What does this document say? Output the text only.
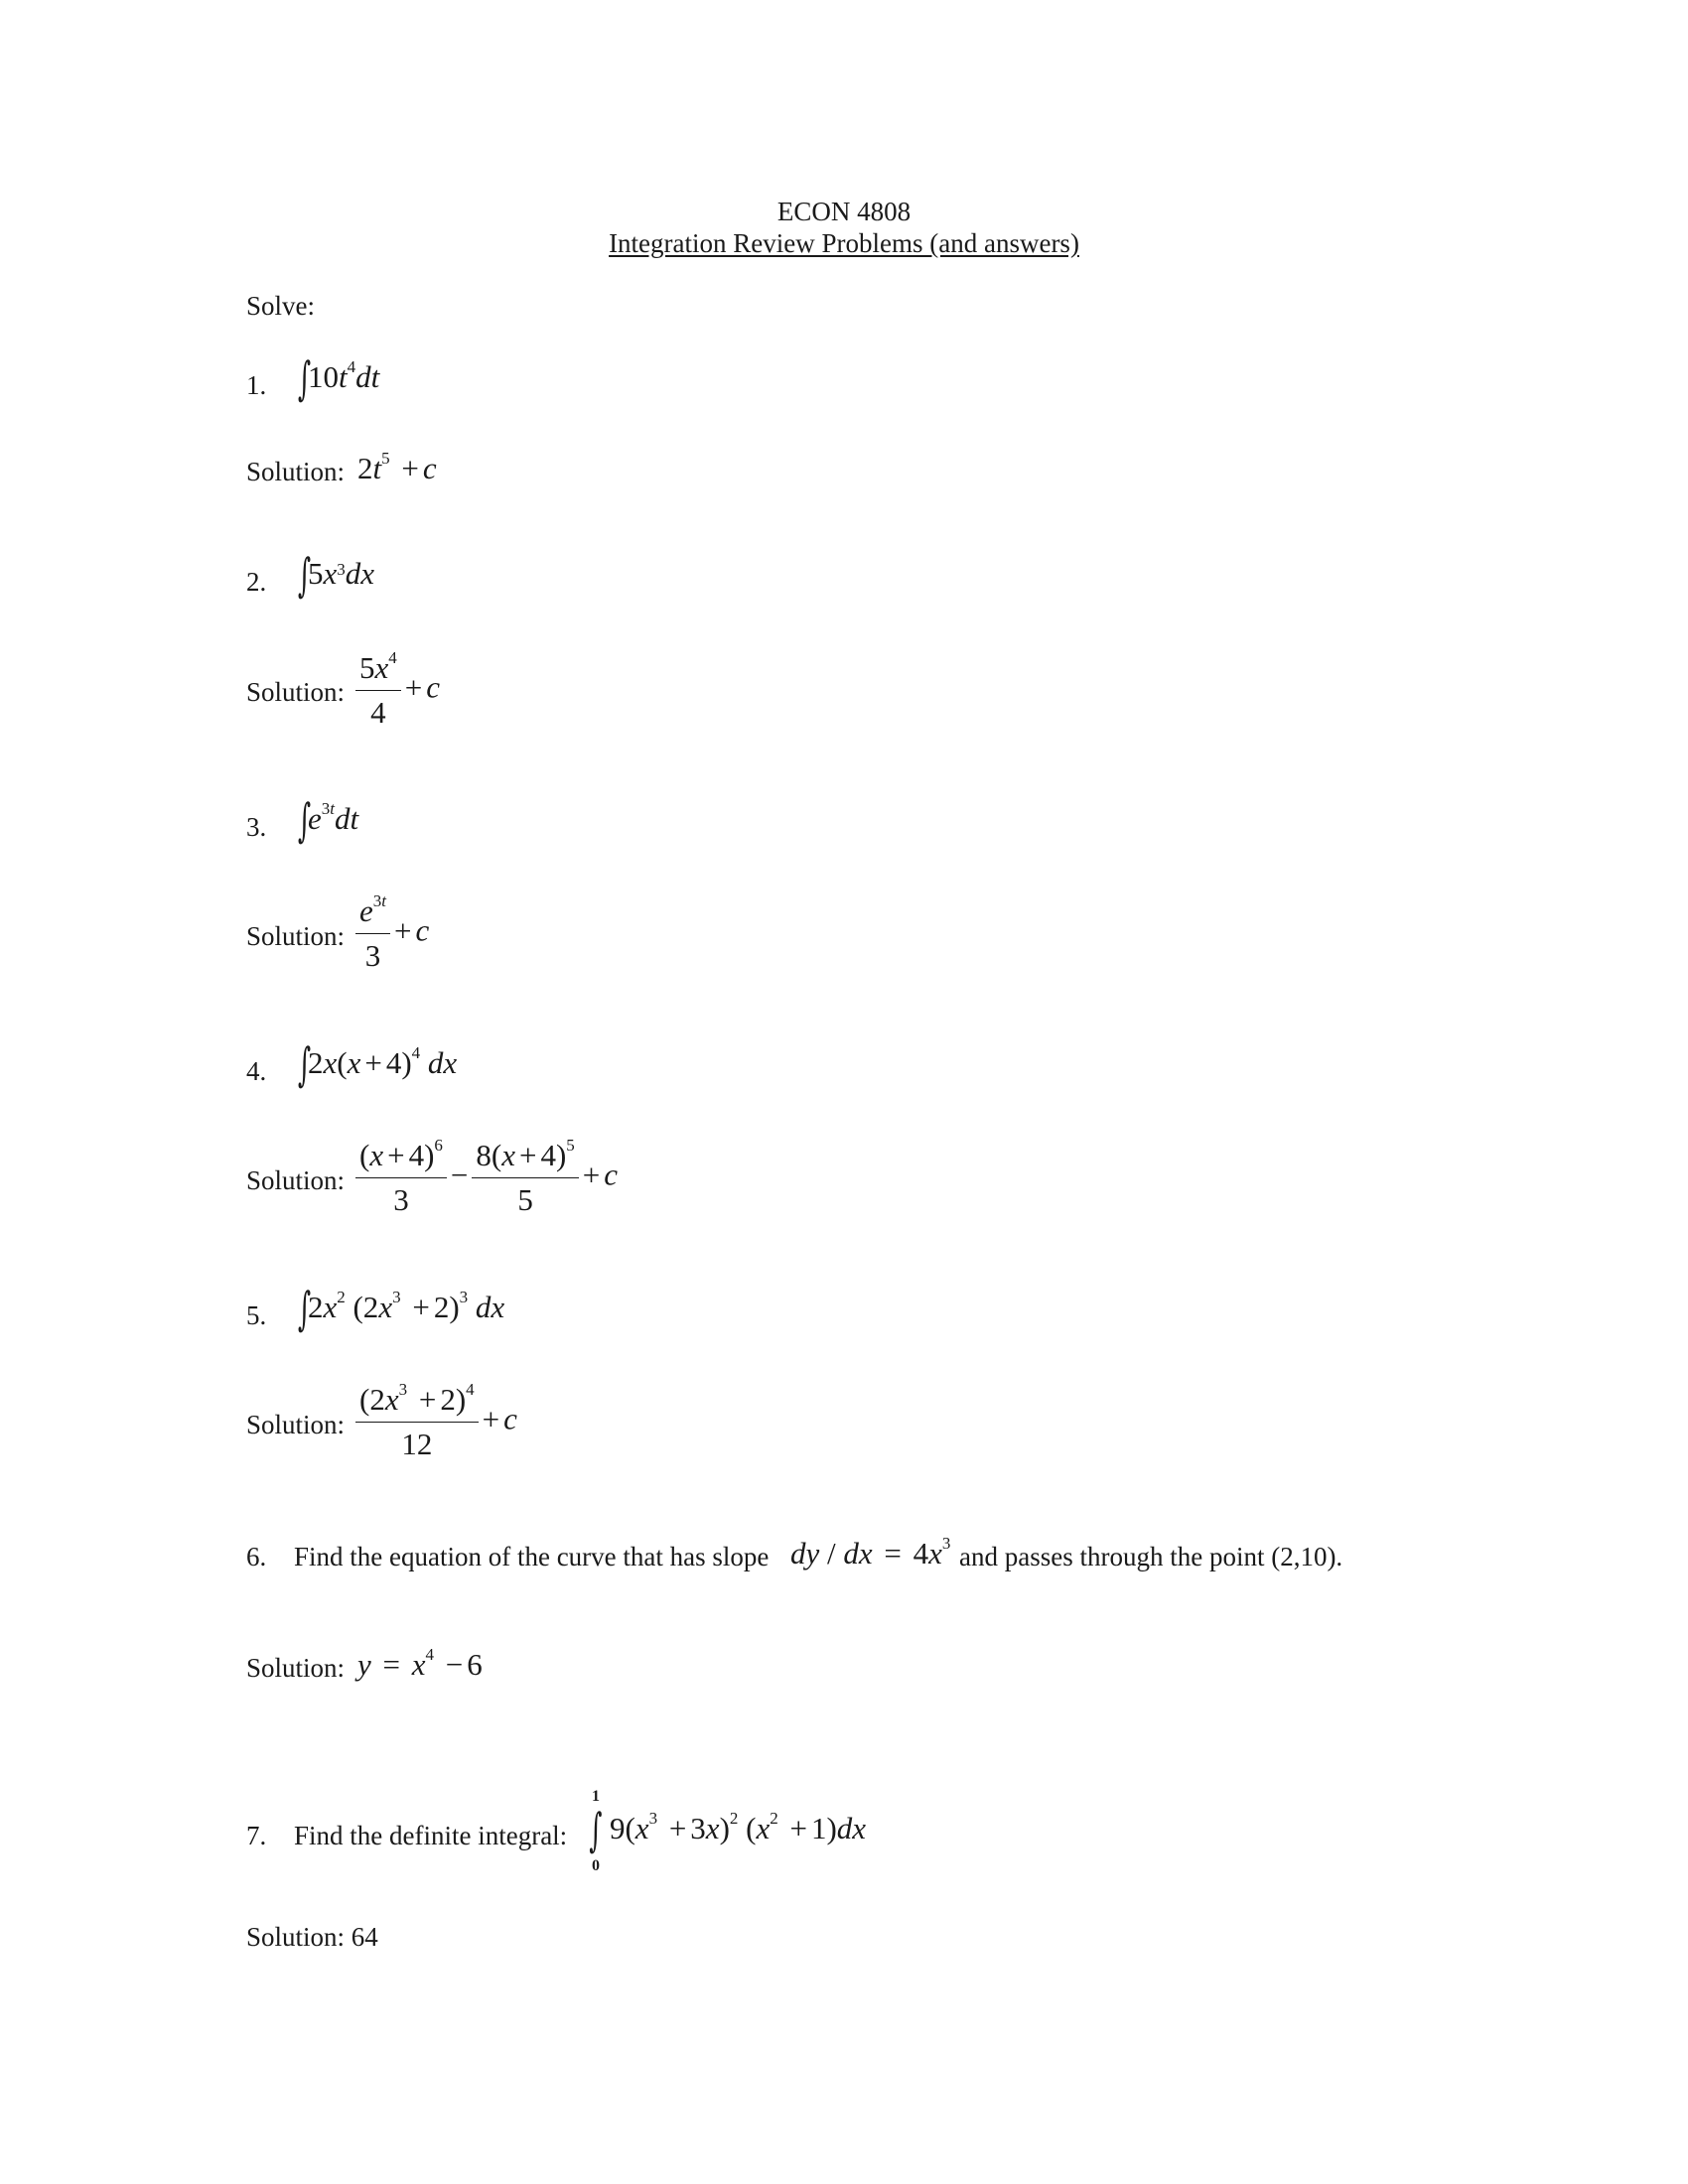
ECON 4808
Integration Review Problems (and answers)
Solve:
1. $\int 10t^4dt$
Solution: $2t^5 + c$
2. $\int 5x^3dx$
Solution: $\frac{5x^4}{4} + c$
3. $\int e^{3t}dt$
Solution: $\frac{e^{3t}}{3} + c$
4. $\int 2x(x + 4)^4$ dx
Solution: $\frac{(x + 4)^6}{3} - \frac{8(x + 4)^5}{5} + c$
5. $\int 2x^2$ $(2x^3 + 2)^3$ dx
Solution: $\frac{(2x^3 + 2)^4}{12} + c$
6. Find the equation of the curve that has slope dy / dx = $4x^3$ and passes through the point (2,10).
Solution: $y = x^4 - 6$
7. Find the definite integral:
1
∫
0
$9(x^3 + 3x)^2$ $(x^2 + 1)dx$
Solution: 64
